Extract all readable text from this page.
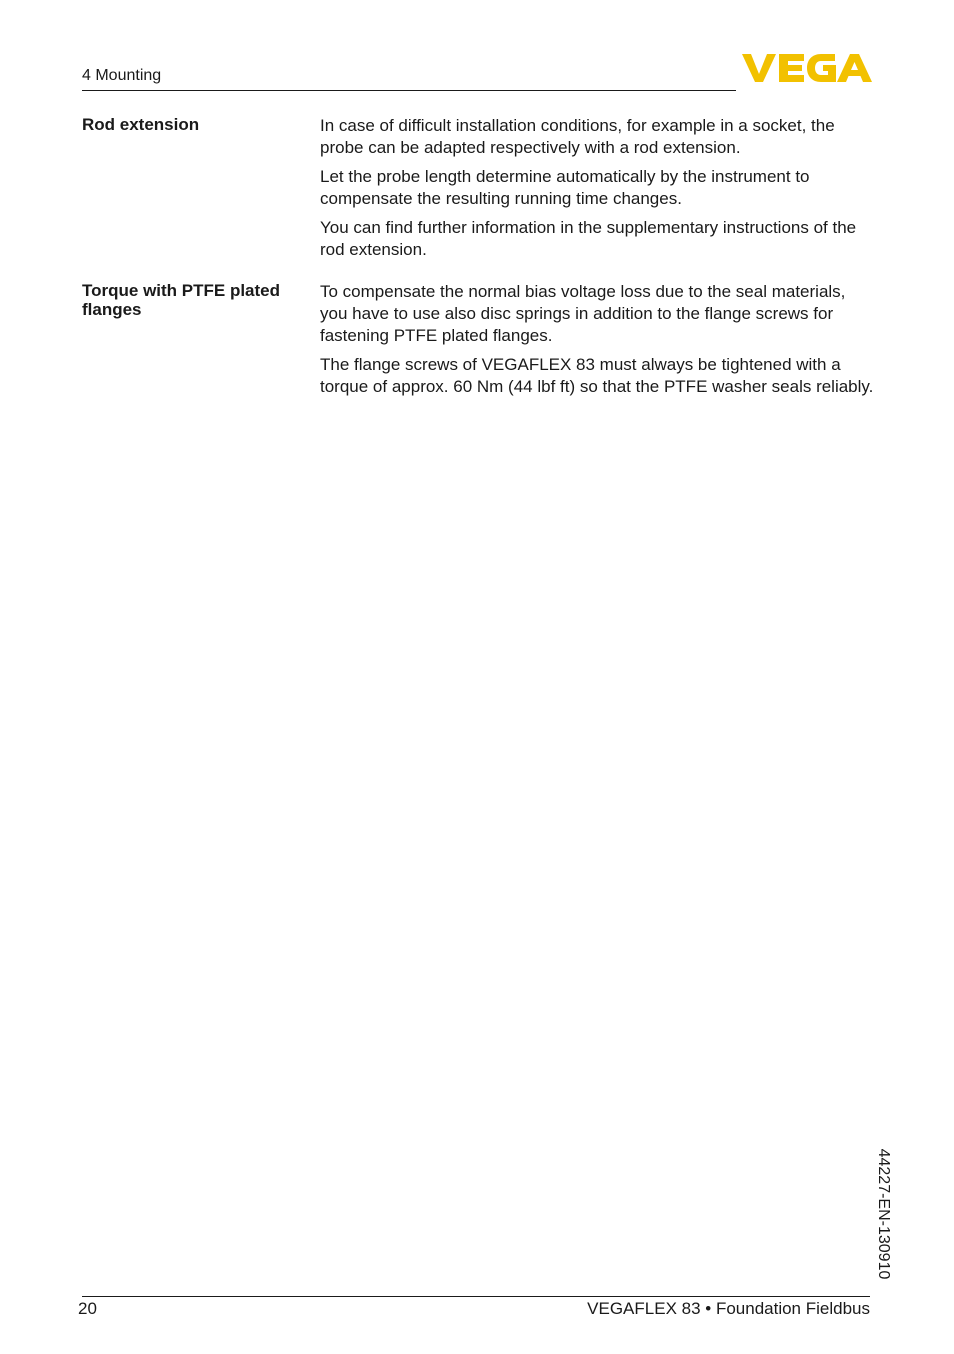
4 Mounting
Rod extension	In case of difficult installation conditions, for example in a socket, the probe can be adapted respectively with a rod extension.

Let the probe length determine automatically by the instrument to compensate the resulting running time changes.

You can find further information in the supplementary instructions of the rod extension.

Torque with PTFE plated flanges

To compensate the normal bias voltage loss due to the seal materials, you have to use also disc springs in addition to the flange screws for fastening PTFE plated flanges.

The flange screws of VEGAFLEX 83 must always be tightened with a torque of approx. 60 Nm (44 lbf ft) so that the PTFE washer seals reliably.

44227-EN-130910
20	VEGAFLEX 83 • Foundation Fieldbus
